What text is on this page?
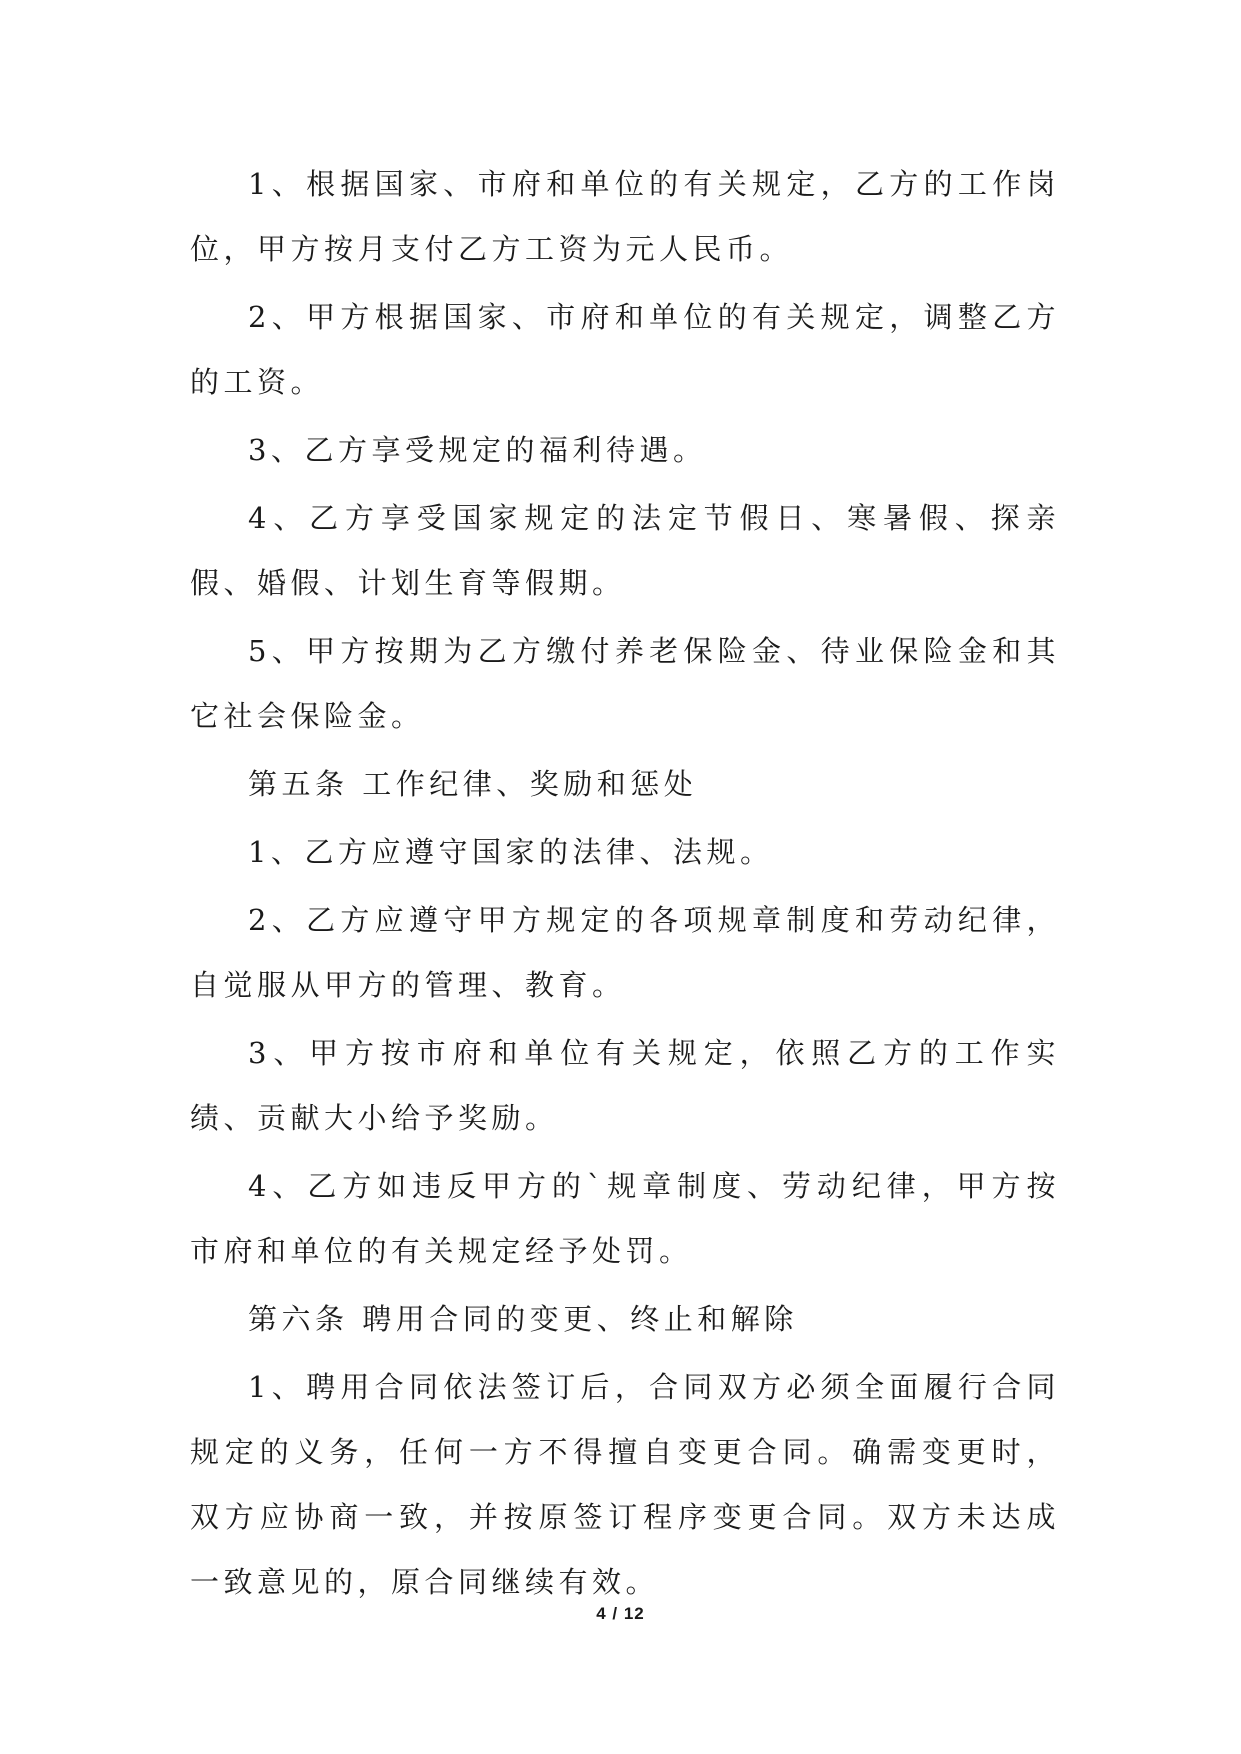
1、根据国家、市府和单位的有关规定，乙方的工作岗位，甲方按月支付乙方工资为元人民币。

2、甲方根据国家、市府和单位的有关规定，调整乙方的工资。

3、乙方享受规定的福利待遇。

4、乙方享受国家规定的法定节假日、寒暑假、探亲假、婚假、计划生育等假期。

5、甲方按期为乙方缴付养老保险金、待业保险金和其它社会保险金。

第五条 工作纪律、奖励和惩处

1、乙方应遵守国家的法律、法规。

2、乙方应遵守甲方规定的各项规章制度和劳动纪律，自觉服从甲方的管理、教育。

3、甲方按市府和单位有关规定，依照乙方的工作实绩、贡献大小给予奖励。

4、乙方如违反甲方的`规章制度、劳动纪律，甲方按市府和单位的有关规定经予处罚。

第六条 聘用合同的变更、终止和解除

1、聘用合同依法签订后，合同双方必须全面履行合同规定的义务，任何一方不得擅自变更合同。确需变更时，双方应协商一致，并按原签订程序变更合同。双方未达成一致意见的，原合同继续有效。

4 / 12
